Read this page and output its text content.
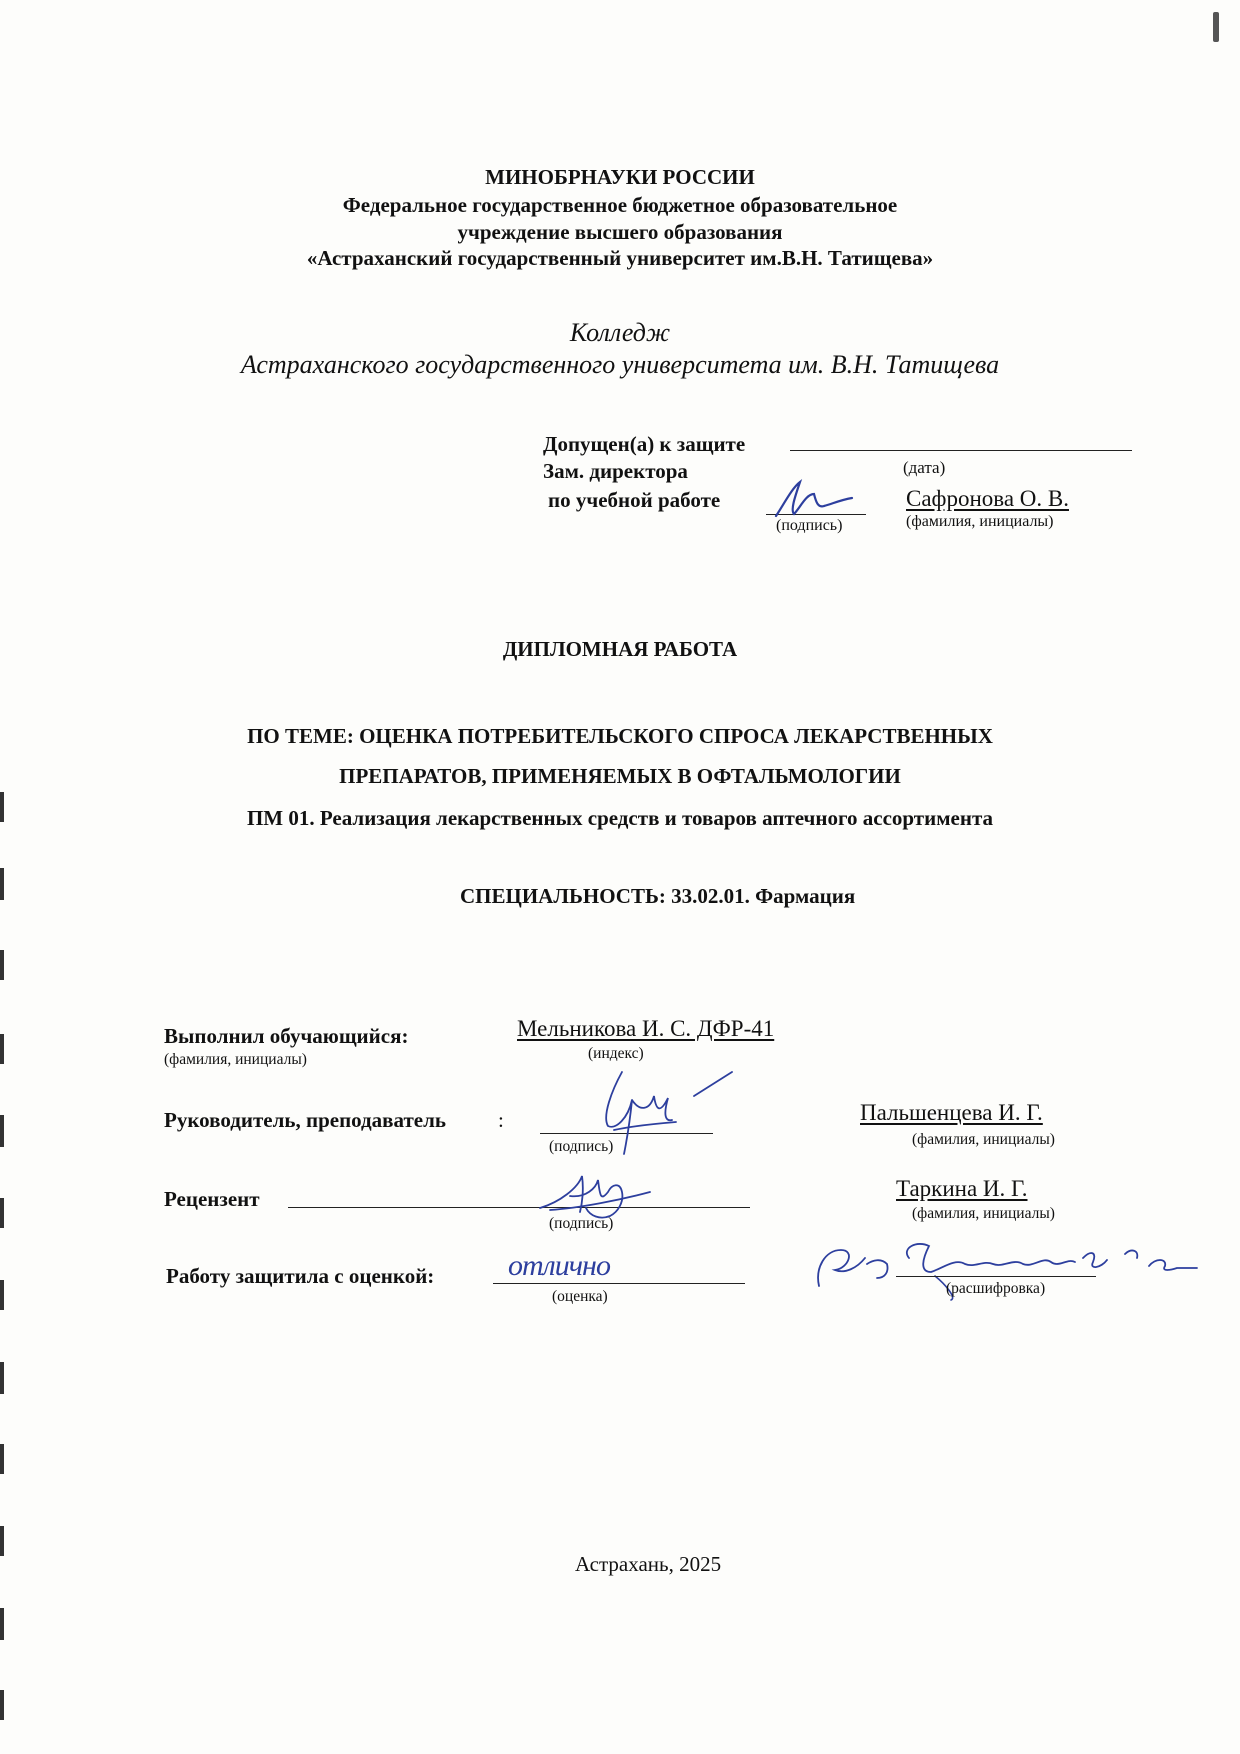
МИНОБРНАУКИ РОССИИ
Федеральное государственное бюджетное образовательное
учреждение высшего образования
«Астраханский государственный университет им.В.Н. Татищева»
Колледж
Астраханского государственного университета им. В.Н. Татищева
Допущен(а) к защите
(дата)
Зам. директора
по учебной работе
(подпись)
Сафронова О. В.
(фамилия, инициалы)
ДИПЛОМНАЯ РАБОТА
ПО ТЕМЕ: ОЦЕНКА ПОТРЕБИТЕЛЬСКОГО СПРОСА ЛЕКАРСТВЕННЫХ
ПРЕПАРАТОВ, ПРИМЕНЯЕМЫХ В ОФТАЛЬМОЛОГИИ
ПМ 01. Реализация лекарственных средств и товаров аптечного ассортимента
СПЕЦИАЛЬНОСТЬ: 33.02.01. Фармация
Выполнил обучающийся:
(фамилия, инициалы)
Мельникова И. С. ДФР-41
(индекс)
Руководитель, преподаватель :
(подпись)
Пальшенцева И. Г.
(фамилия, инициалы)
Рецензент
(подпись)
Таркина И. Г.
(фамилия, инициалы)
Работу защитила с оценкой: отлично
(оценка)	(расшифровка)
Астрахань, 2025
